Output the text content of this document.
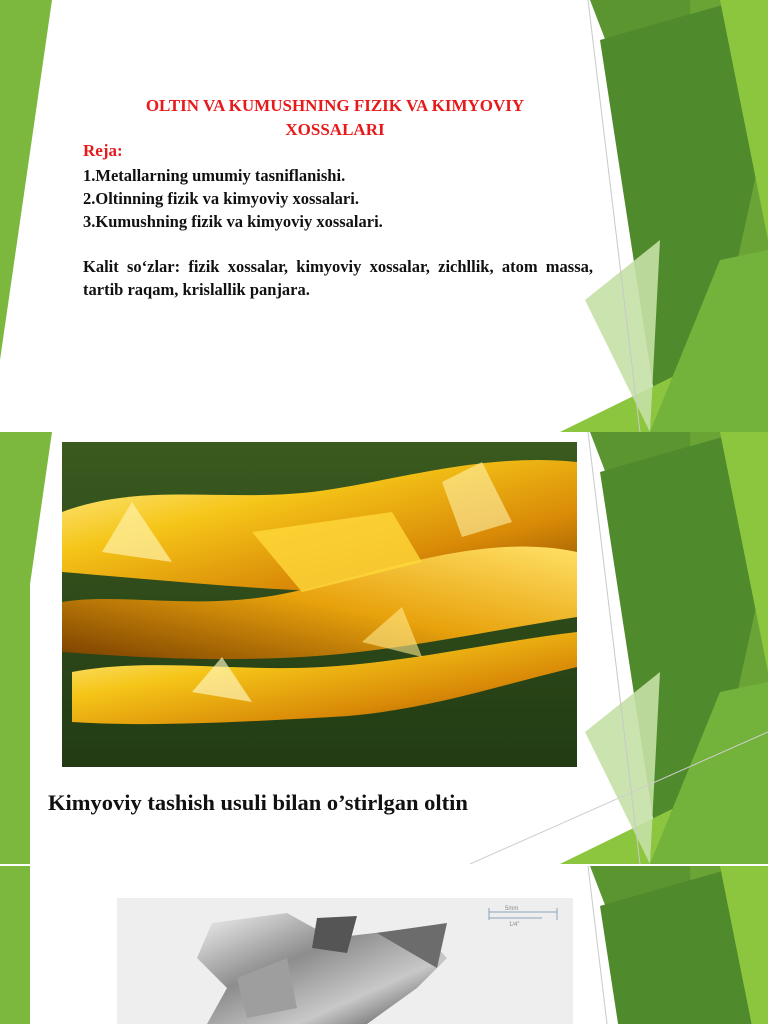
OLTIN VA KUMUSHNING FIZIK VA KIMYOVIY XOSSALARI
Reja:
1.Metallarning umumiy tasniflanishi.
2.Oltinning fizik va kimyoviy xossalari.
3.Kumushning fizik va kimyoviy xossalari.
Kalit so‘zlar: fizik xossalar, kimyoviy xossalar, zichllik, atom massa, tartib raqam, krislallik panjara.
Kimyoviy tashish usuli bilan o’stirlgan oltin
5mm
1/4"
